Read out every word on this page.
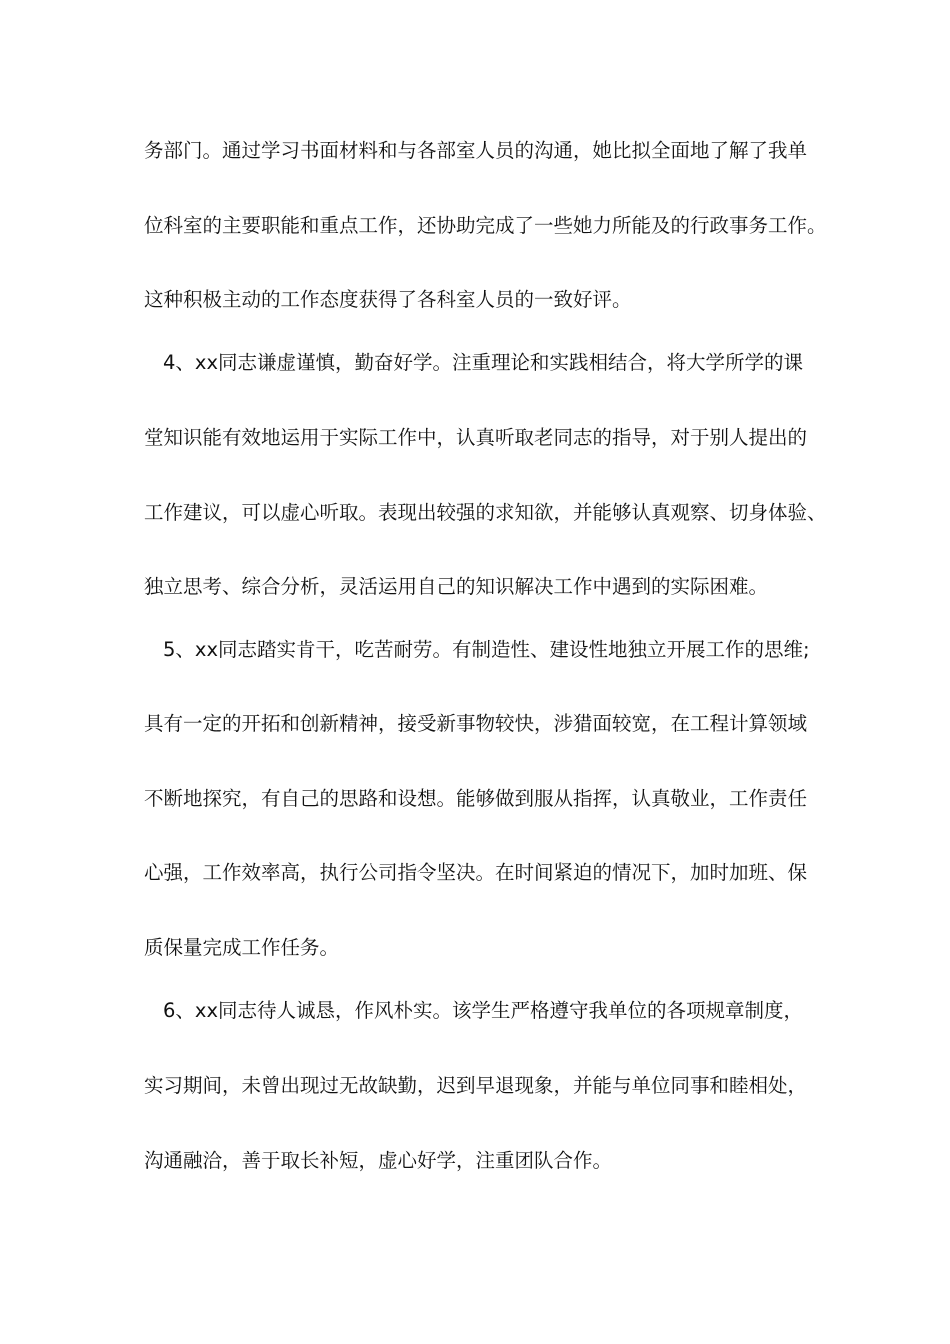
务部门。通过学习书面材料和与各部室人员的沟通，她比拟全面地了解了我单

位科室的主要职能和重点工作，还协助完成了一些她力所能及的行政事务工作。

这种积极主动的工作态度获得了各科室人员的一致好评。

4、xx同志谦虚谨慎，勤奋好学。注重理论和实践相结合，将大学所学的课

堂知识能有效地运用于实际工作中，认真听取老同志的指导，对于别人提出的

工作建议，可以虚心听取。表现出较强的求知欲，并能够认真观察、切身体验、

独立思考、综合分析，灵活运用自己的知识解决工作中遇到的实际困难。

5、xx同志踏实肯干，吃苦耐劳。有制造性、建设性地独立开展工作的思维;

具有一定的开拓和创新精神，接受新事物较快，涉猎面较宽，在工程计算领域

不断地探究，有自己的思路和设想。能够做到服从指挥，认真敬业，工作责任

心强，工作效率高，执行公司指令坚决。在时间紧迫的情况下，加时加班、保

质保量完成工作任务。

6、xx同志待人诚恳，作风朴实。该学生严格遵守我单位的各项规章制度，

实习期间，未曾出现过无故缺勤，迟到早退现象，并能与单位同事和睦相处，

沟通融洽，善于取长补短，虚心好学，注重团队合作。
